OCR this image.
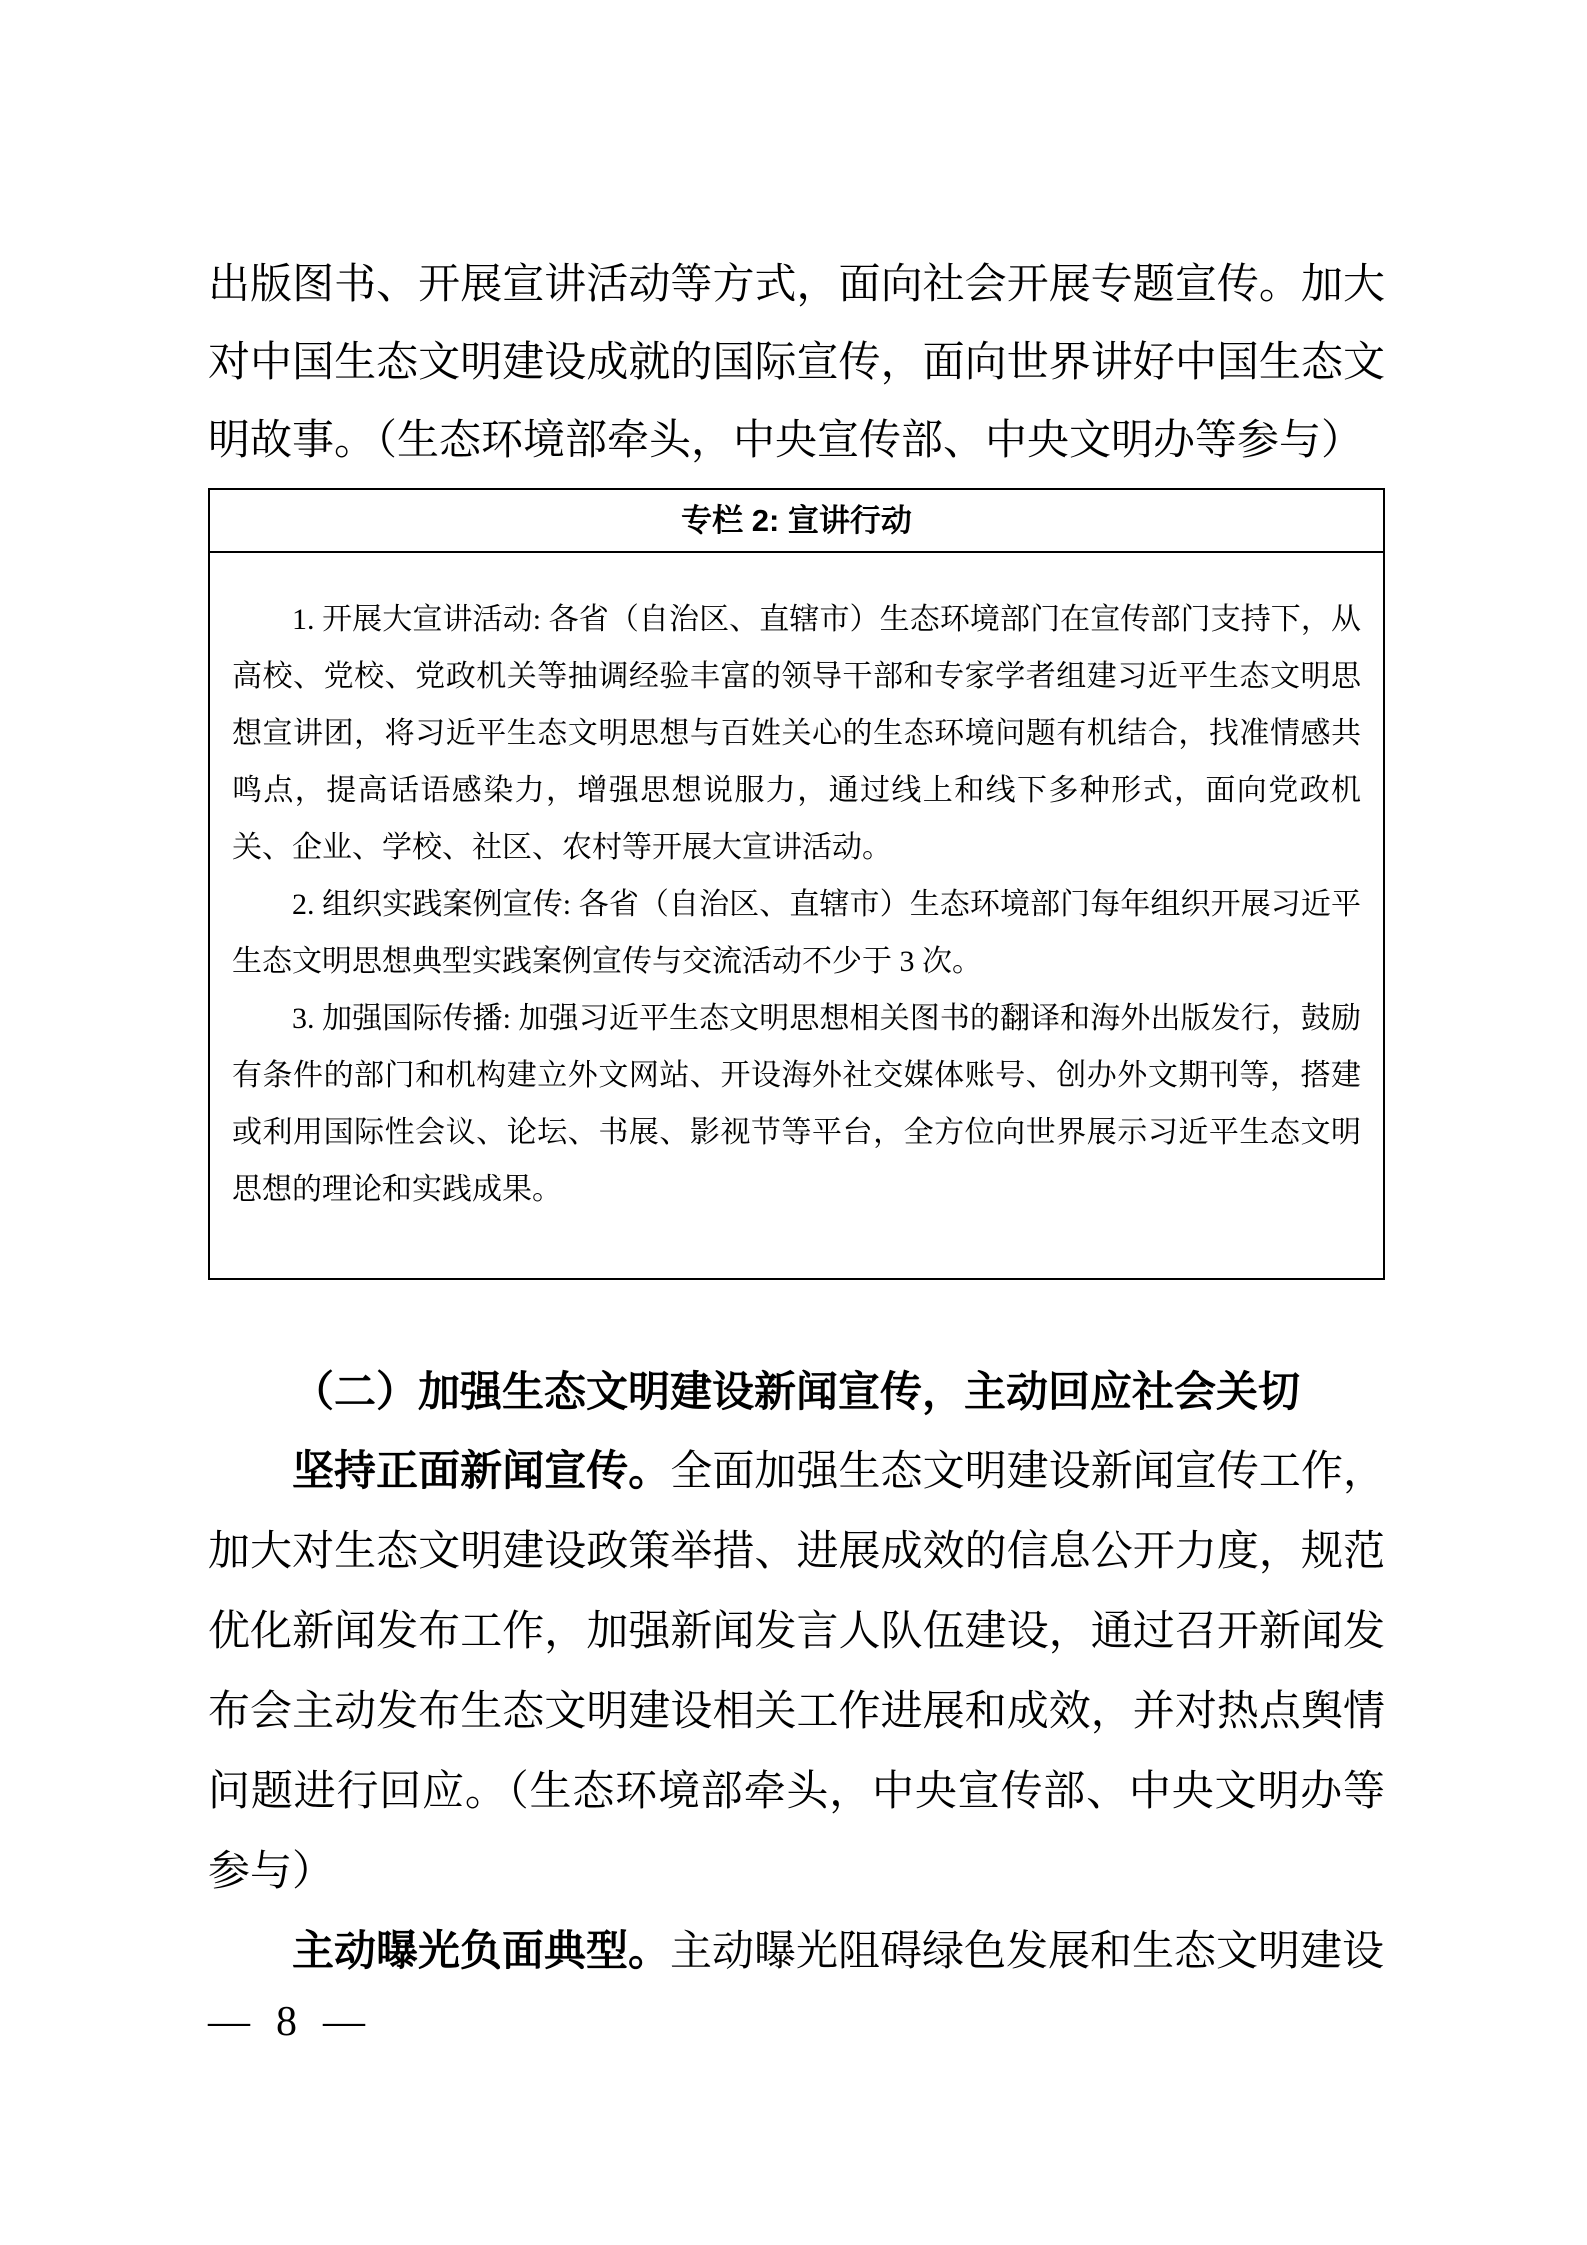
出版图书、开展宣讲活动等方式，面向社会开展专题宣传。加大对中国生态文明建设成就的国际宣传，面向世界讲好中国生态文明故事。（生态环境部牵头，中央宣传部、中央文明办等参与）

专栏 2: 宣讲行动

1. 开展大宣讲活动: 各省（自治区、直辖市）生态环境部门在宣传部门支持下，从高校、党校、党政机关等抽调经验丰富的领导干部和专家学者组建习近平生态文明思想宣讲团，将习近平生态文明思想与百姓关心的生态环境问题有机结合，找准情感共鸣点，提高话语感染力，增强思想说服力，通过线上和线下多种形式，面向党政机关、企业、学校、社区、农村等开展大宣讲活动。

2. 组织实践案例宣传: 各省（自治区、直辖市）生态环境部门每年组织开展习近平生态文明思想典型实践案例宣传与交流活动不少于 3 次。

3. 加强国际传播: 加强习近平生态文明思想相关图书的翻译和海外出版发行，鼓励有条件的部门和机构建立外文网站、开设海外社交媒体账号、创办外文期刊等，搭建或利用国际性会议、论坛、书展、影视节等平台，全方位向世界展示习近平生态文明思想的理论和实践成果。

（二）加强生态文明建设新闻宣传，主动回应社会关切

坚持正面新闻宣传。全面加强生态文明建设新闻宣传工作，加大对生态文明建设政策举措、进展成效的信息公开力度，规范优化新闻发布工作，加强新闻发言人队伍建设，通过召开新闻发布会主动发布生态文明建设相关工作进展和成效，并对热点舆情问题进行回应。（生态环境部牵头，中央宣传部、中央文明办等参与）

主动曝光负面典型。主动曝光阻碍绿色发展和生态文明建设

— 8 —
